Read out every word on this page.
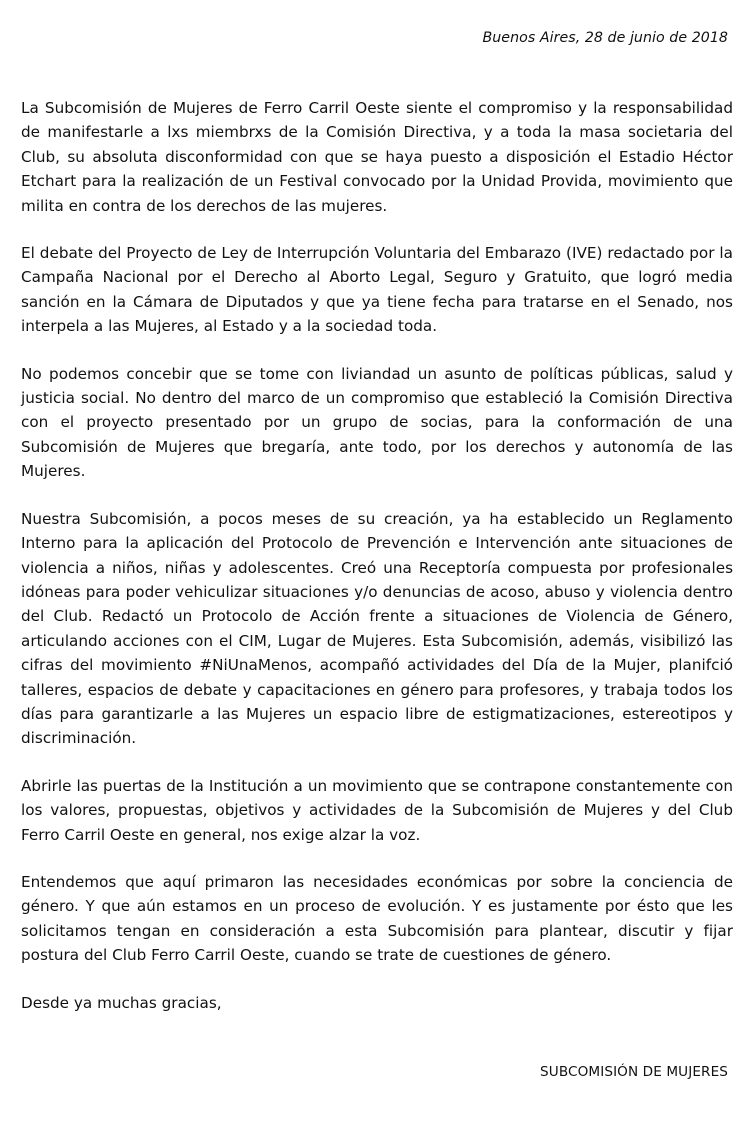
Buenos Aires, 28 de junio de 2018

La Subcomisión de Mujeres de Ferro Carril Oeste siente el compromiso y la responsabilidad de manifestarle a lxs miembrxs de la Comisión Directiva, y a toda la masa societaria del Club, su absoluta disconformidad con que se haya puesto a disposición el Estadio Héctor Etchart para la realización de un Festival convocado por la Unidad Provida, movimiento que milita en contra de los derechos de las mujeres.

El debate del Proyecto de Ley de Interrupción Voluntaria del Embarazo (IVE) redactado por la Campaña Nacional por el Derecho al Aborto Legal, Seguro y Gratuito, que logró media sanción en la Cámara de Diputados y que ya tiene fecha para tratarse en el Senado, nos interpela a las Mujeres, al Estado y a la sociedad toda.

No podemos concebir que se tome con liviandad un asunto de políticas públicas, salud y justicia social. No dentro del marco de un compromiso que estableció la Comisión Directiva con el proyecto presentado por un grupo de socias, para la conformación de una Subcomisión de Mujeres que bregaría, ante todo, por los derechos y autonomía de las Mujeres.

Nuestra Subcomisión, a pocos meses de su creación, ya ha establecido un Reglamento Interno para la aplicación del Protocolo de Prevención e Intervención ante situaciones de violencia a niños, niñas y adolescentes. Creó una Receptoría compuesta por profesionales idóneas para poder vehiculizar situaciones y/o denuncias de acoso, abuso y violencia dentro del Club. Redactó un Protocolo de Acción frente a situaciones de Violencia de Género, articulando acciones con el CIM, Lugar de Mujeres. Esta Subcomisión, además, visibilizó las cifras del movimiento #NiUnaMenos, acompañó actividades del Día de la Mujer, planifció talleres, espacios de debate y capacitaciones en género para profesores, y trabaja todos los días para garantizarle a las Mujeres un espacio libre de estigmatizaciones, estereotipos y discriminación.

Abrirle las puertas de la Institución a un movimiento que se contrapone constantemente con los valores, propuestas, objetivos y actividades de la Subcomisión de Mujeres y del Club Ferro Carril Oeste en general, nos exige alzar la voz.

Entendemos que aquí primaron las necesidades económicas por sobre la conciencia de género. Y que aún estamos en un proceso de evolución. Y es justamente por ésto que les solicitamos tengan en consideración a esta Subcomisión para plantear, discutir y fijar postura del Club Ferro Carril Oeste, cuando se trate de cuestiones de género.

Desde ya muchas gracias,

SUBCOMISIÓN DE MUJERES
